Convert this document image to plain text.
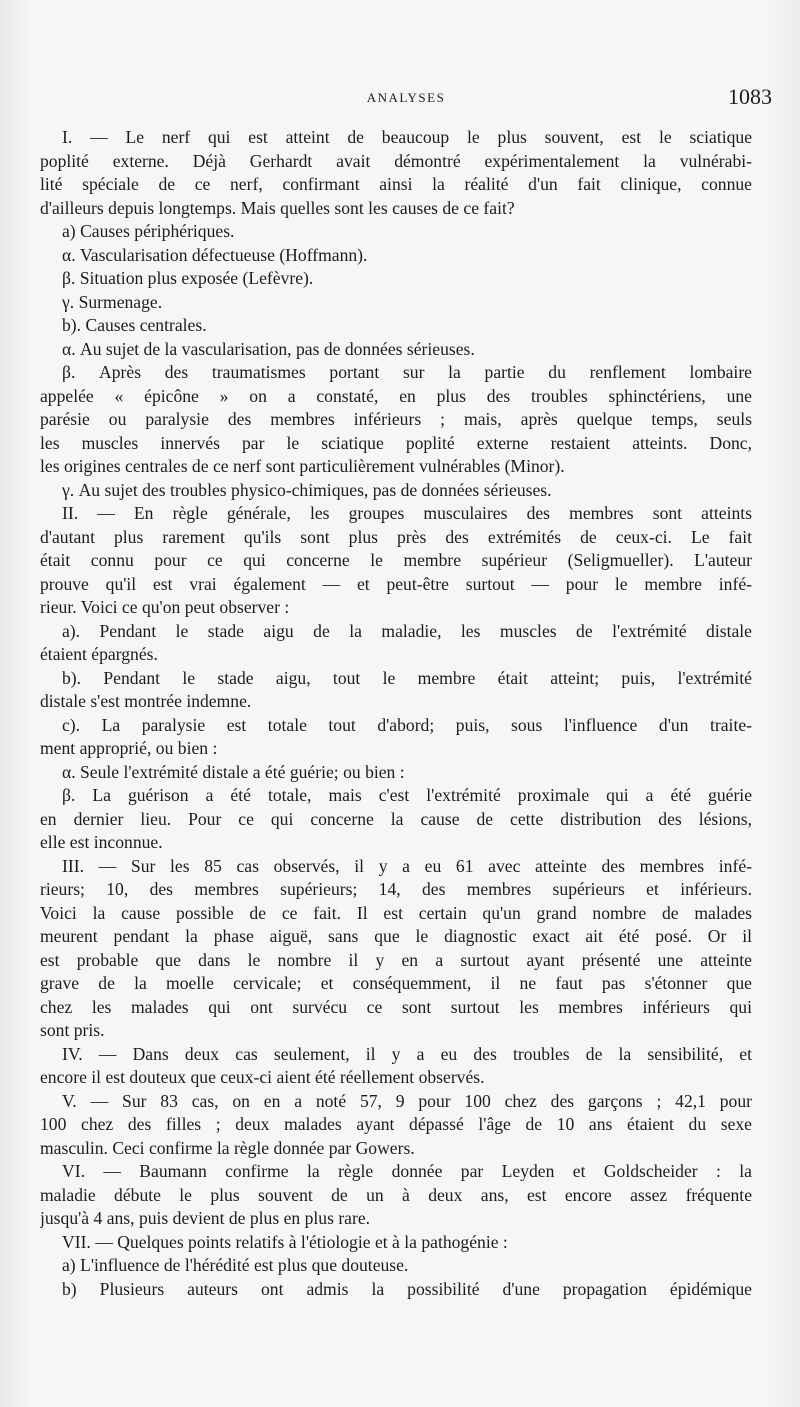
ANALYSES	1083
I. — Le nerf qui est atteint de beaucoup le plus souvent, est le sciatique
poplité externe. Déjà Gerhardt avait démontré expérimentalement la vulnérabi-
lité spéciale de ce nerf, confirmant ainsi la réalité d'un fait clinique, connue
d'ailleurs depuis longtemps. Mais quelles sont les causes de ce fait?
a) Causes périphériques.
α. Vascularisation défectueuse (Hoffmann).
β. Situation plus exposée (Lefèvre).
γ. Surmenage.
b). Causes centrales.
α. Au sujet de la vascularisation, pas de données sérieuses.
β. Après des traumatismes portant sur la partie du renflement lombaire
appelée « épicône » on a constaté, en plus des troubles sphinctériens, une
parésie ou paralysie des membres inférieurs ; mais, après quelque temps, seuls
les muscles innervés par le sciatique poplité externe restaient atteints. Donc,
les origines centrales de ce nerf sont particulièrement vulnérables (Minor).
γ. Au sujet des troubles physico-chimiques, pas de données sérieuses.
II. — En règle générale, les groupes musculaires des membres sont atteints
d'autant plus rarement qu'ils sont plus près des extrémités de ceux-ci. Le fait
était connu pour ce qui concerne le membre supérieur (Seligmueller). L'auteur
prouve qu'il est vrai également — et peut-être surtout — pour le membre infé-
rieur. Voici ce qu'on peut observer :
a). Pendant le stade aigu de la maladie, les muscles de l'extrémité distale
étaient épargnés.
b). Pendant le stade aigu, tout le membre était atteint; puis, l'extrémité
distale s'est montrée indemne.
c). La paralysie est totale tout d'abord; puis, sous l'influence d'un traite-
ment approprié, ou bien :
α. Seule l'extrémité distale a été guérie; ou bien :
β. La guérison a été totale, mais c'est l'extrémité proximale qui a été guérie
en dernier lieu. Pour ce qui concerne la cause de cette distribution des lésions,
elle est inconnue.
III. — Sur les 85 cas observés, il y a eu 61 avec atteinte des membres infé-
rieurs; 10, des membres supérieurs; 14, des membres supérieurs et inférieurs.
Voici la cause possible de ce fait. Il est certain qu'un grand nombre de malades
meurent pendant la phase aiguë, sans que le diagnostic exact ait été posé. Or il
est probable que dans le nombre il y en a surtout ayant présenté une atteinte
grave de la moelle cervicale; et conséquemment, il ne faut pas s'étonner que
chez les malades qui ont survécu ce sont surtout les membres inférieurs qui
sont pris.
IV. — Dans deux cas seulement, il y a eu des troubles de la sensibilité, et
encore il est douteux que ceux-ci aient été réellement observés.
V. — Sur 83 cas, on en a noté 57, 9 pour 100 chez des garçons ; 42,1 pour
100 chez des filles ; deux malades ayant dépassé l'âge de 10 ans étaient du sexe
masculin. Ceci confirme la règle donnée par Gowers.
VI. — Baumann confirme la règle donnée par Leyden et Goldscheider : la
maladie débute le plus souvent de un à deux ans, est encore assez fréquente
jusqu'à 4 ans, puis devient de plus en plus rare.
VII. — Quelques points relatifs à l'étiologie et à la pathogénie :
a) L'influence de l'hérédité est plus que douteuse.
b) Plusieurs auteurs ont admis la possibilité d'une propagation épidémique
